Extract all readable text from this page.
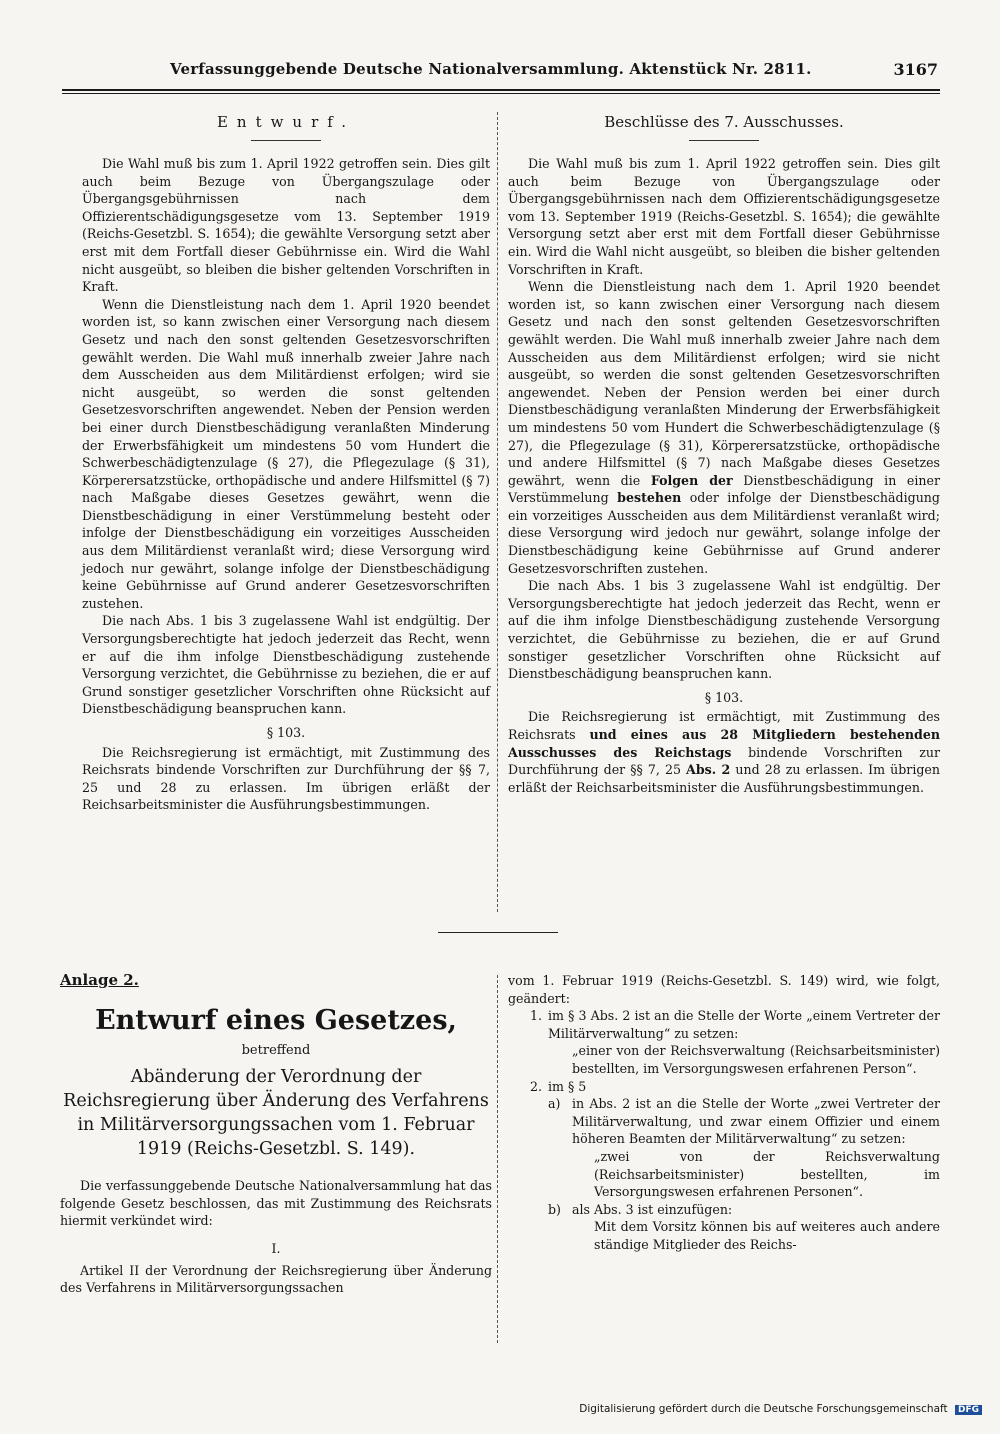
Verfassunggebende Deutsche Nationalversammlung. Aktenstück Nr. 2811.	3167
Entwurf.

Die Wahl muß bis zum 1. April 1922 getroffen sein. Dies gilt auch beim Bezuge von Übergangszulage oder Übergangsgebührnissen nach dem Offizierentschädigungsgesetze vom 13. September 1919 (Reichs-Gesetzbl. S. 1654); die gewählte Versorgung setzt aber erst mit dem Fortfall dieser Gebührnisse ein. Wird die Wahl nicht ausgeübt, so bleiben die bisher geltenden Vorschriften in Kraft.

Wenn die Dienstleistung nach dem 1. April 1920 beendet worden ist, so kann zwischen einer Versorgung nach diesem Gesetz und nach den sonst geltenden Gesetzesvorschriften gewählt werden. Die Wahl muß innerhalb zweier Jahre nach dem Ausscheiden aus dem Militärdienst erfolgen; wird sie nicht ausgeübt, so werden die sonst geltenden Gesetzesvorschriften angewendet. Neben der Pension werden bei einer durch Dienstbeschädigung veranlaßten Minderung der Erwerbsfähigkeit um mindestens 50 vom Hundert die Schwerbeschädigtenzulage (§ 27), die Pflegezulage (§ 31), Körperersatzstücke, orthopädische und andere Hilfsmittel (§ 7) nach Maßgabe dieses Gesetzes gewährt, wenn die Dienstbeschädigung in einer Verstümmelung besteht oder infolge der Dienstbeschädigung ein vorzeitiges Ausscheiden aus dem Militärdienst veranlaßt wird; diese Versorgung wird jedoch nur gewährt, solange infolge der Dienstbeschädigung keine Gebührnisse auf Grund anderer Gesetzesvorschriften zustehen.

Die nach Abs. 1 bis 3 zugelassene Wahl ist endgültig. Der Versorgungsberechtigte hat jedoch jederzeit das Recht, wenn er auf die ihm infolge Dienstbeschädigung zustehende Versorgung verzichtet, die Gebührnisse zu beziehen, die er auf Grund sonstiger gesetzlicher Vorschriften ohne Rücksicht auf Dienstbeschädigung beanspruchen kann.

§ 103.

Die Reichsregierung ist ermächtigt, mit Zustimmung des Reichsrats bindende Vorschriften zur Durchführung der §§ 7, 25 und 28 zu erlassen. Im übrigen erläßt der Reichsarbeitsminister die Ausführungsbestimmungen.

Beschlüsse des 7. Ausschusses.

Die Wahl muß bis zum 1. April 1922 getroffen sein. Dies gilt auch beim Bezuge von Übergangszulage oder Übergangsgebührnissen nach dem Offizierentschädigungsgesetze vom 13. September 1919 (Reichs-Gesetzbl. S. 1654); die gewählte Versorgung setzt aber erst mit dem Fortfall dieser Gebührnisse ein. Wird die Wahl nicht ausgeübt, so bleiben die bisher geltenden Vorschriften in Kraft.

Wenn die Dienstleistung nach dem 1. April 1920 beendet worden ist, so kann zwischen einer Versorgung nach diesem Gesetz und nach den sonst geltenden Gesetzesvorschriften gewählt werden. Die Wahl muß innerhalb zweier Jahre nach dem Ausscheiden aus dem Militärdienst erfolgen; wird sie nicht ausgeübt, so werden die sonst geltenden Gesetzesvorschriften angewendet. Neben der Pension werden bei einer durch Dienstbeschädigung veranlaßten Minderung der Erwerbsfähigkeit um mindestens 50 vom Hundert die Schwerbeschädigtenzulage (§ 27), die Pflegezulage (§ 31), Körperersatzstücke, orthopädische und andere Hilfsmittel (§ 7) nach Maßgabe dieses Gesetzes gewährt, wenn die Folgen der Dienstbeschädigung in einer Verstümmelung bestehen oder infolge der Dienstbeschädigung ein vorzeitiges Ausscheiden aus dem Militärdienst veranlaßt wird; diese Versorgung wird jedoch nur gewährt, solange infolge der Dienstbeschädigung keine Gebührnisse auf Grund anderer Gesetzesvorschriften zustehen.

Die nach Abs. 1 bis 3 zugelassene Wahl ist endgültig. Der Versorgungsberechtigte hat jedoch jederzeit das Recht, wenn er auf die ihm infolge Dienstbeschädigung zustehende Versorgung verzichtet, die Gebührnisse zu beziehen, die er auf Grund sonstiger gesetzlicher Vorschriften ohne Rücksicht auf Dienstbeschädigung beanspruchen kann.

§ 103.

Die Reichsregierung ist ermächtigt, mit Zustimmung des Reichsrats und eines aus 28 Mitgliedern bestehenden Ausschusses des Reichstags bindende Vorschriften zur Durchführung der §§ 7, 25 Abs. 2 und 28 zu erlassen. Im übrigen erläßt der Reichsarbeitsminister die Ausführungsbestimmungen.

Anlage 2.
Entwurf eines Gesetzes,
betreffend
Abänderung der Verordnung der Reichsregierung über Änderung des Verfahrens in Militärversorgungssachen vom 1. Februar 1919 (Reichs-Gesetzbl. S. 149).

Die verfassunggebende Deutsche Nationalversammlung hat das folgende Gesetz beschlossen, das mit Zustimmung des Reichsrats hiermit verkündet wird:

I.

Artikel II der Verordnung der Reichsregierung über Änderung des Verfahrens in Militärversorgungssachen

vom 1. Februar 1919 (Reichs-Gesetzbl. S. 149) wird, wie folgt, geändert:

1. im § 3 Abs. 2 ist an die Stelle der Worte „einem Vertreter der Militärverwaltung“ zu setzen:

„einer von der Reichsverwaltung (Reichsarbeitsminister) bestellten, im Versorgungswesen erfahrenen Person“.

2. im § 5

a) in Abs. 2 ist an die Stelle der Worte „zwei Vertreter der Militärverwaltung, und zwar einem Offizier und einem höheren Beamten der Militärverwaltung“ zu setzen:

„zwei von der Reichsverwaltung (Reichsarbeitsminister) bestellten, im Versorgungswesen erfahrenen Personen“.

b) als Abs. 3 ist einzufügen:

Mit dem Vorsitz können bis auf weiteres auch andere ständige Mitglieder des Reichs-

Digitalisierung gefördert durch die Deutsche Forschungsgemeinschaft DFG
